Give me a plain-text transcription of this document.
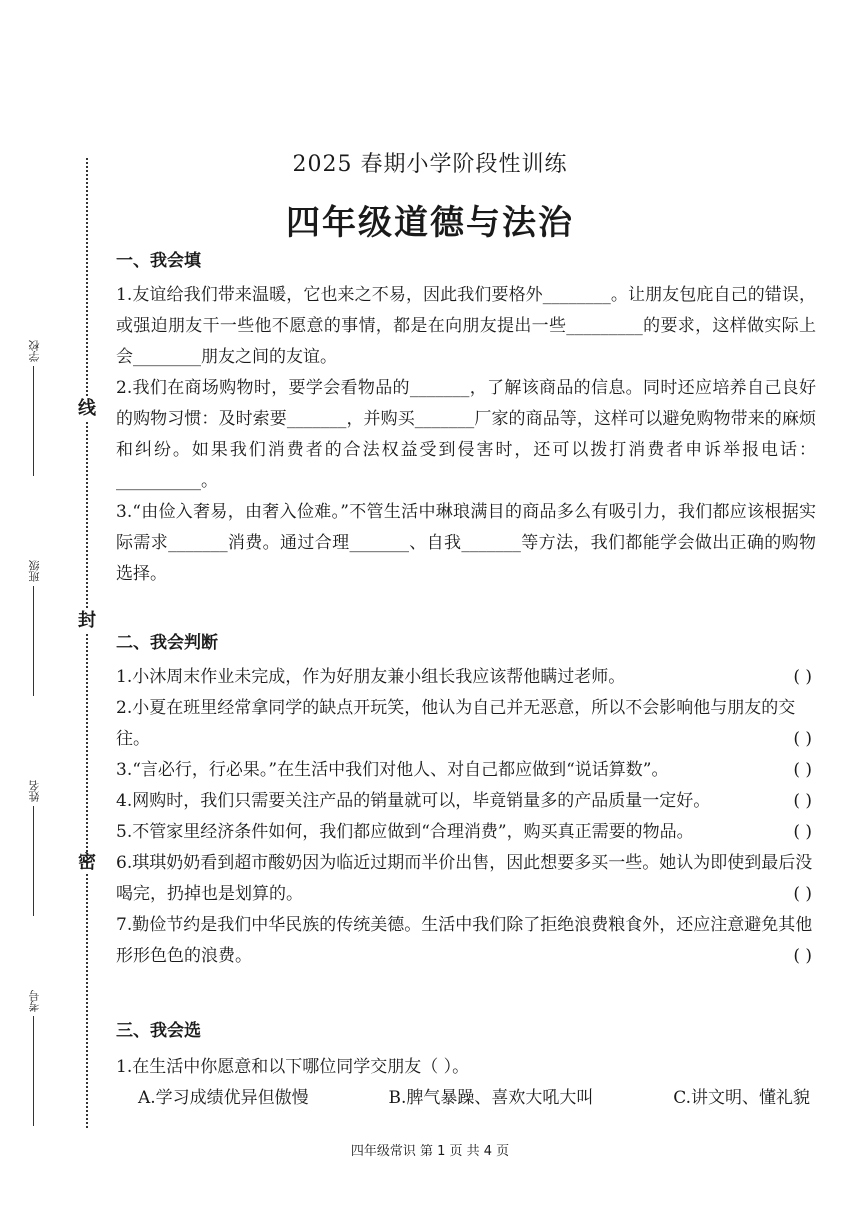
线
封
密
学校
班级
姓名
考号
2025 春期小学阶段性训练
四年级道德与法治

一、我会填

1.友谊给我们带来温暖，它也来之不易，因此我们要格外________。让朋友包庇自己的错误，或强迫朋友干一些他不愿意的事情，都是在向朋友提出一些_________的要求，这样做实际上会________朋友之间的友谊。

2.我们在商场购物时，要学会看物品的_______，了解该商品的信息。同时还应培养自己良好的购物习惯：及时索要_______，并购买_______厂家的商品等，这样可以避免购物带来的麻烦和纠纷。如果我们消费者的合法权益受到侵害时，还可以拨打消费者申诉举报电话：__________。

3.“由俭入奢易，由奢入俭难。”不管生活中琳琅满目的商品多么有吸引力，我们都应该根据实际需求_______消费。通过合理_______、自我_______等方法，我们都能学会做出正确的购物选择。

二、我会判断

1.小沐周末作业未完成，作为好朋友兼小组长我应该帮他瞒过老师。	( )
2.小夏在班里经常拿同学的缺点开玩笑，他认为自己并无恶意，所以不会影响他与朋友的交往。	( )
3.“言必行，行必果。”在生活中我们对他人、对自己都应做到“说话算数”。	( )
4.网购时，我们只需要关注产品的销量就可以，毕竟销量多的产品质量一定好。	( )
5.不管家里经济条件如何，我们都应做到“合理消费”，购买真正需要的物品。	( )
6.琪琪奶奶看到超市酸奶因为临近过期而半价出售，因此想要多买一些。她认为即使到最后没喝完，扔掉也是划算的。	( )
7.勤俭节约是我们中华民族的传统美德。生活中我们除了拒绝浪费粮食外，还应注意避免其他形形色色的浪费。	( )

三、我会选

1.在生活中你愿意和以下哪位同学交朋友（ ）。

A.学习成绩优异但傲慢	B.脾气暴躁、喜欢大吼大叫	C.讲文明、懂礼貌
四年级常识 第 1 页 共 4 页
